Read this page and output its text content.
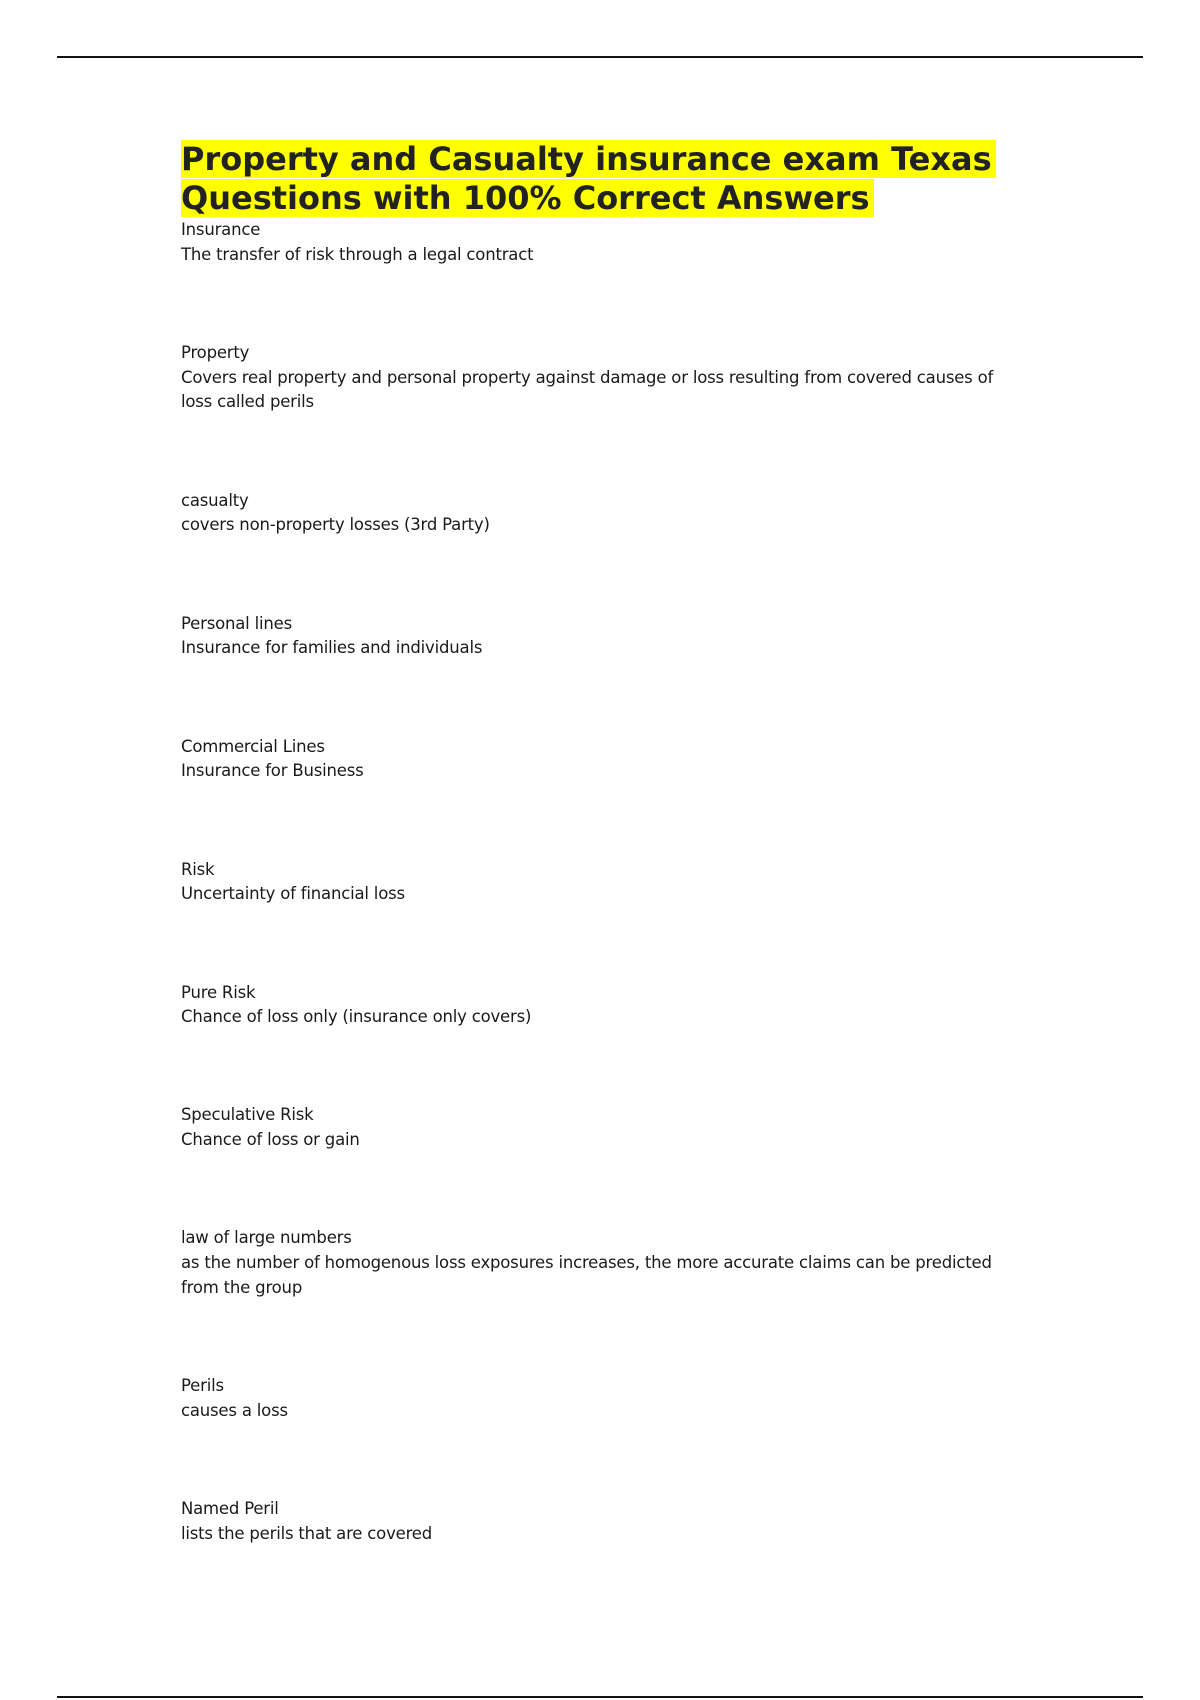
Property and Casualty insurance exam Texas Questions with 100% Correct Answers
Insurance
The transfer of risk through a legal contract
Property
Covers real property and personal property against damage or loss resulting from covered causes of loss called perils
casualty
covers non-property losses (3rd Party)
Personal lines
Insurance for families and individuals
Commercial Lines
Insurance for Business
Risk
Uncertainty of financial loss
Pure Risk
Chance of loss only (insurance only covers)
Speculative Risk
Chance of loss or gain
law of large numbers
as the number of homogenous loss exposures increases, the more accurate claims can be predicted from the group
Perils
causes a loss
Named Peril
lists the perils that are covered
